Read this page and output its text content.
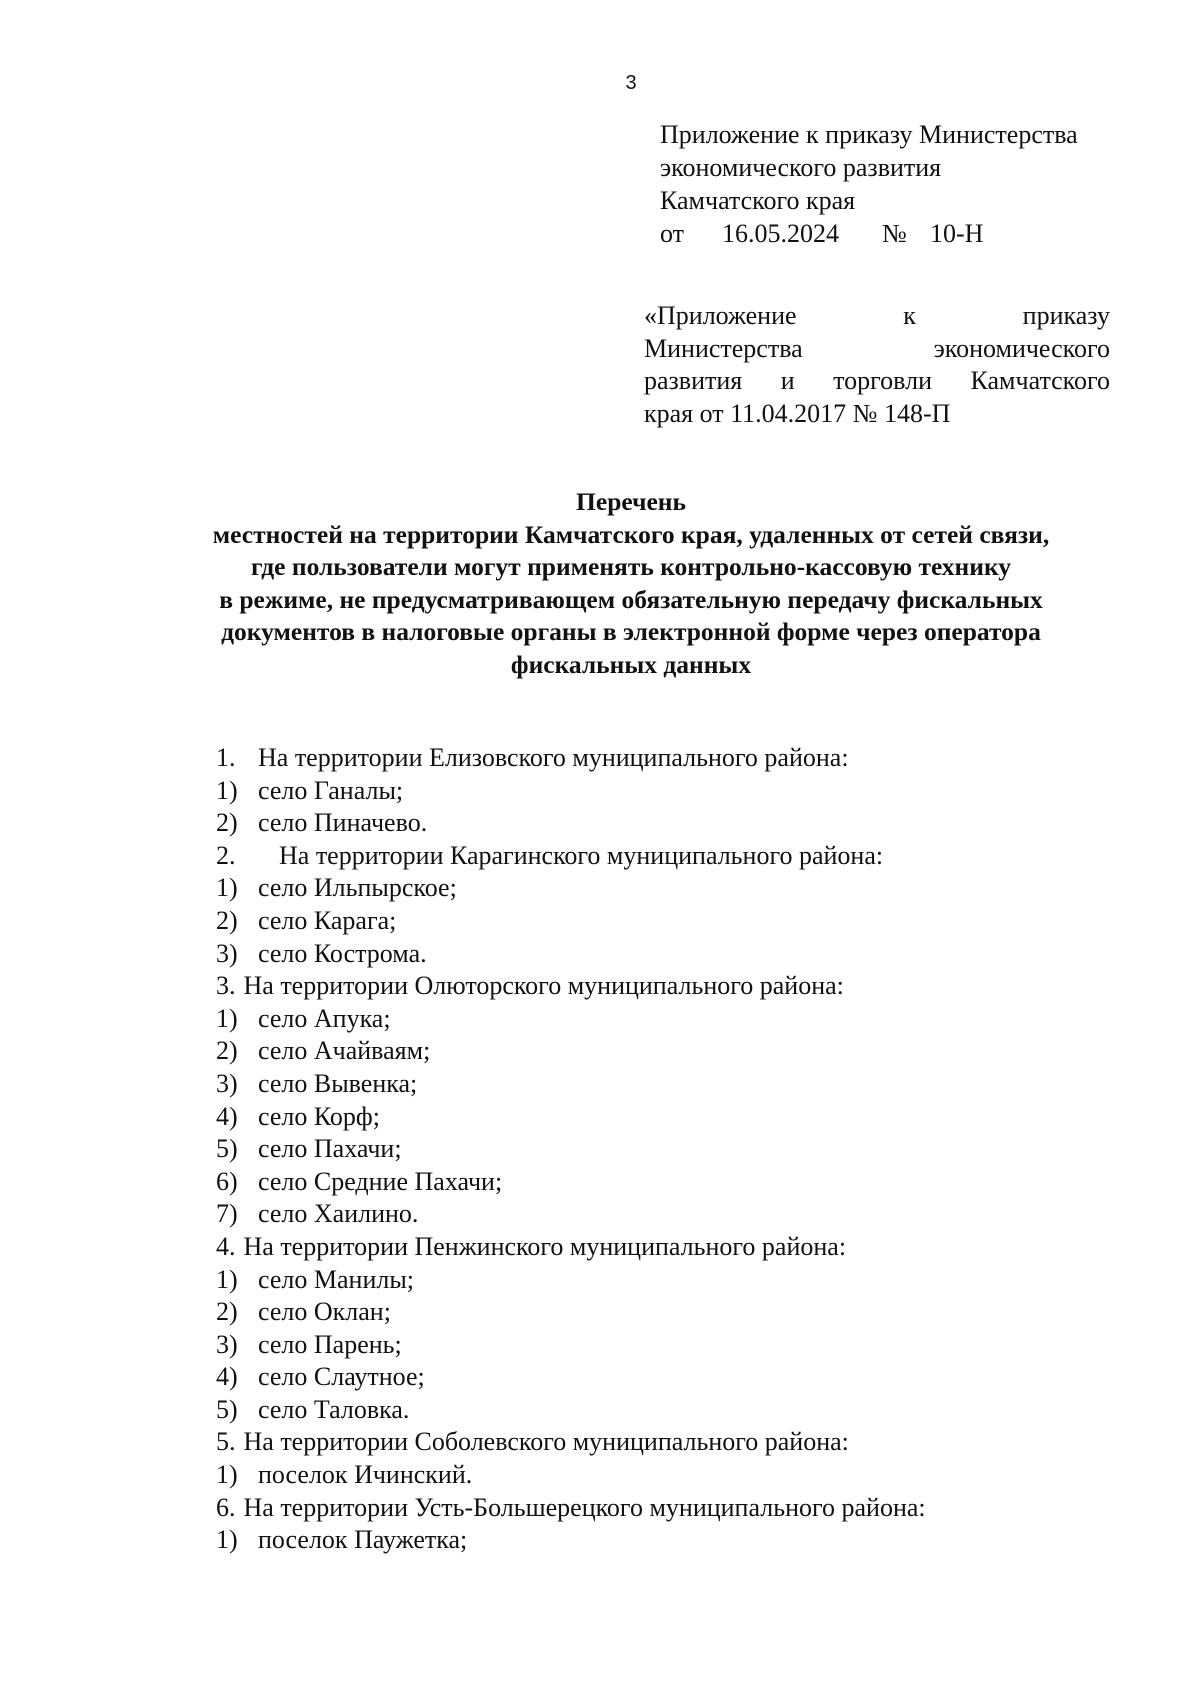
3
Приложение к приказу Министерства
экономического развития
Камчатского края
от	16.05.2024	№ 10-Н
«Приложение к приказу
Министерства экономического
развития и торговли Камчатского
края от 11.04.2017 № 148-П
Перечень
местностей на территории Камчатского края, удаленных от сетей связи,
где пользователи могут применять контрольно-кассовую технику
в режиме, не предусматривающем обязательную передачу фискальных
документов в налоговые органы в электронной форме через оператора
фискальных данных
1. На территории Елизовского муниципального района:
1) село Ганалы;
2) село Пиначево.
2.	На территории Карагинского муниципального района:
1) село Ильпырское;
2) село Карага;
3) село Кострома.
3. На территории Олюторского муниципального района:
1) село Апука;
2) село Ачайваям;
3) село Вывенка;
4) село Корф;
5) село Пахачи;
6) село Средние Пахачи;
7) село Хаилино.
4. На территории Пенжинского муниципального района:
1) село Манилы;
2) село Оклан;
3) село Парень;
4) село Слаутное;
5) село Таловка.
5. На территории Соболевского муниципального района:
1) поселок Ичинский.
6. На территории Усть-Большерецкого муниципального района:
1) поселок Паужетка;
